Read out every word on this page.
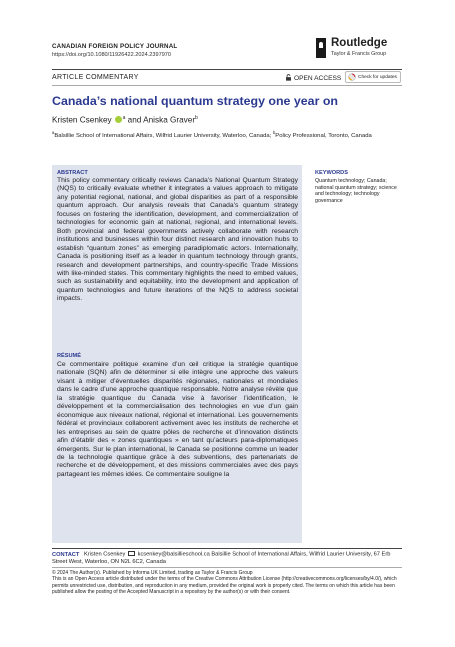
CANADIAN FOREIGN POLICY JOURNAL
https://doi.org/10.1080/11926422.2024.2397970
Routledge
Taylor & Francis Group
ARTICLE COMMENTARY	OPEN ACCESS	Check for updates
Canada’s national quantum strategy one year on
Kristen Csenkey $^a$ and Aniska Graver$^b$
$^a$Balsillie School of International Affairs, Wilfrid Laurier University, Waterloo, Canada; $^b$Policy Professional, Toronto, Canada
ABSTRACT
This policy commentary critically reviews Canada’s National Quantum Strategy (NQS) to critically evaluate whether it integrates a values approach to mitigate any potential regional, national, and global disparities as part of a responsible quantum approach. Our analysis reveals that Canada’s quantum strategy focuses on fostering the identification, development, and commercialization of technologies for economic gain at national, regional, and international levels. Both provincial and federal governments actively collaborate with research institutions and businesses within four distinct research and innovation hubs to establish “quantum zones” as emerging paradiplomatic actors. Internationally, Canada is positioning itself as a leader in quantum technology through grants, research and development partnerships, and country-specific Trade Missions with like-minded states. This commentary highlights the need to embed values, such as sustainability and equitability, into the development and application of quantum technologies and future iterations of the NQS to address societal impacts.
RÉSUMÉ
Ce commentaire politique examine d’un œil critique la stratégie quantique nationale (SQN) afin de déterminer si elle intègre une approche des valeurs visant à mitiger d’éventuelles disparités régionales, nationales et mondiales dans le cadre d’une approche quantique responsable. Notre analyse révèle que la stratégie quantique du Canada vise à favoriser l’identification, le développement et la commercialisation des technologies en vue d’un gain économique aux niveaux national, régional et international. Les gouvernements fédéral et provinciaux collaborent activement avec les instituts de recherche et les entreprises au sein de quatre pôles de recherche et d’innovation distincts afin d’établir des « zones quantiques » en tant qu’acteurs para-diplomatiques émergents. Sur le plan international, le Canada se positionne comme un leader de la technologie quantique grâce à des subventions, des partenariats de recherche et de développement, et des missions commerciales avec des pays partageant les mêmes idées. Ce commentaire souligne la
KEYWORDS
Quantum technology; Canada; national quantum strategy; science and technology; technology governance
CONTACT Kristen Csenkey kcsenkey@balsillieschool.ca Balsillie School of International Affairs, Wilfrid Laurier University, 67 Erb Street West, Waterloo, ON N2L 6C2, Canada
© 2024 The Author(s). Published by Informa UK Limited, trading as Taylor & Francis Group
This is an Open Access article distributed under the terms of the Creative Commons Attribution License (http://creativecommons.org/licenses/by/4.0/), which permits unrestricted use, distribution, and reproduction in any medium, provided the original work is properly cited. The terms on which this article has been published allow the posting of the Accepted Manuscript in a repository by the author(s) or with their consent.
